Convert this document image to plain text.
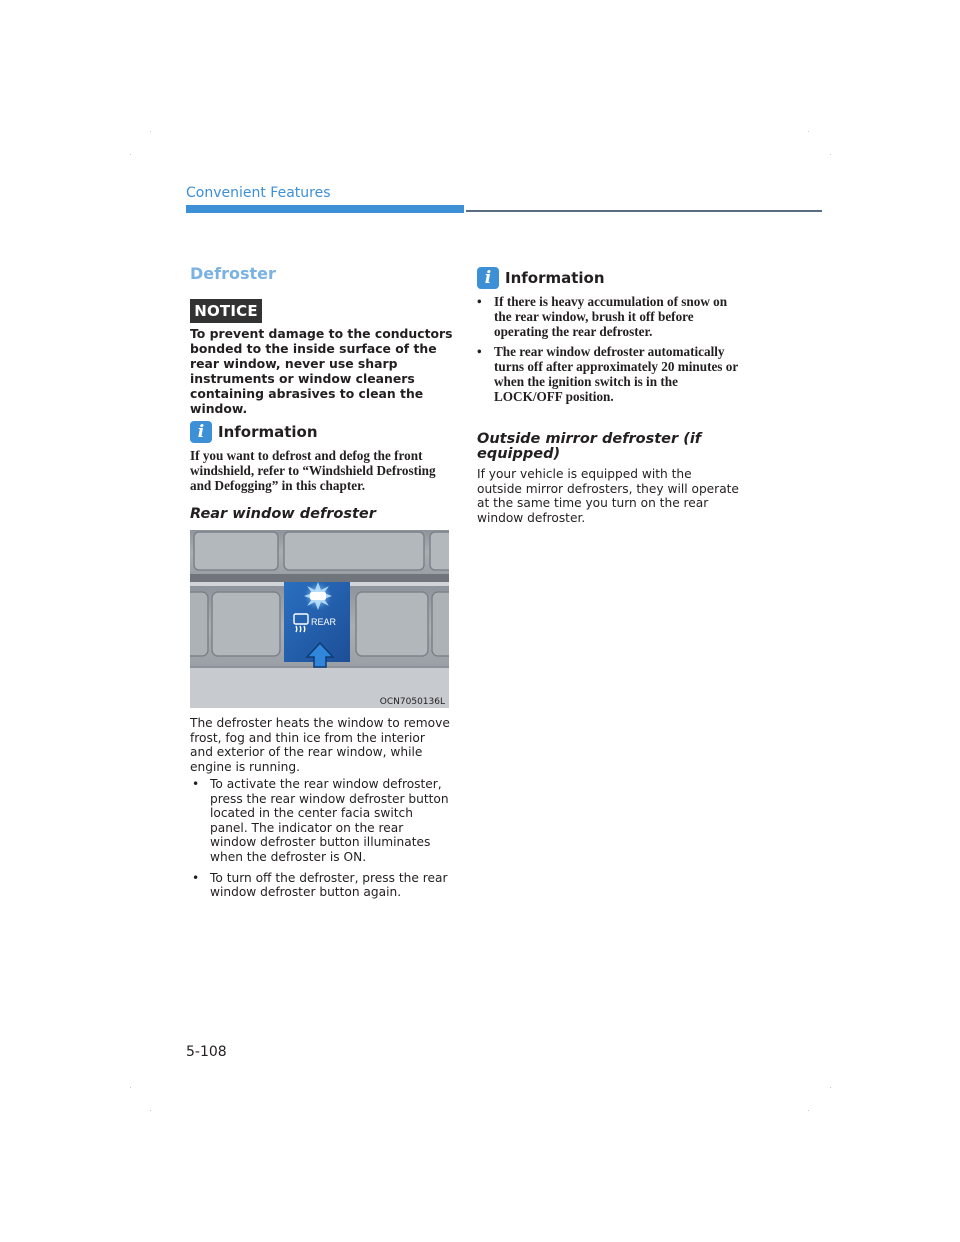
Convenient Features
Defroster
NOTICE
To prevent damage to the conductors bonded to the inside surface of the rear window, never use sharp instruments or window cleaners containing abrasives to clean the window.
i Information
If you want to defrost and defog the front windshield, refer to “Windshield Defrosting and Defogging” in this chapter.
Rear window defroster
REAR
OCN7050136L
The defroster heats the window to remove frost, fog and thin ice from the interior and exterior of the rear window, while engine is running.
• To activate the rear window defroster, press the rear window defroster button located in the center facia switch panel. The indicator on the rear window defroster button illuminates when the defroster is ON.
• To turn off the defroster, press the rear window defroster button again.
i Information
• If there is heavy accumulation of snow on the rear window, brush it off before operating the rear defroster.
• The rear window defroster automatically turns off after approximately 20 minutes or when the ignition switch is in the LOCK/OFF position.
Outside mirror defroster (if equipped)
If your vehicle is equipped with the outside mirror defrosters, they will operate at the same time you turn on the rear window defroster.
5-108
